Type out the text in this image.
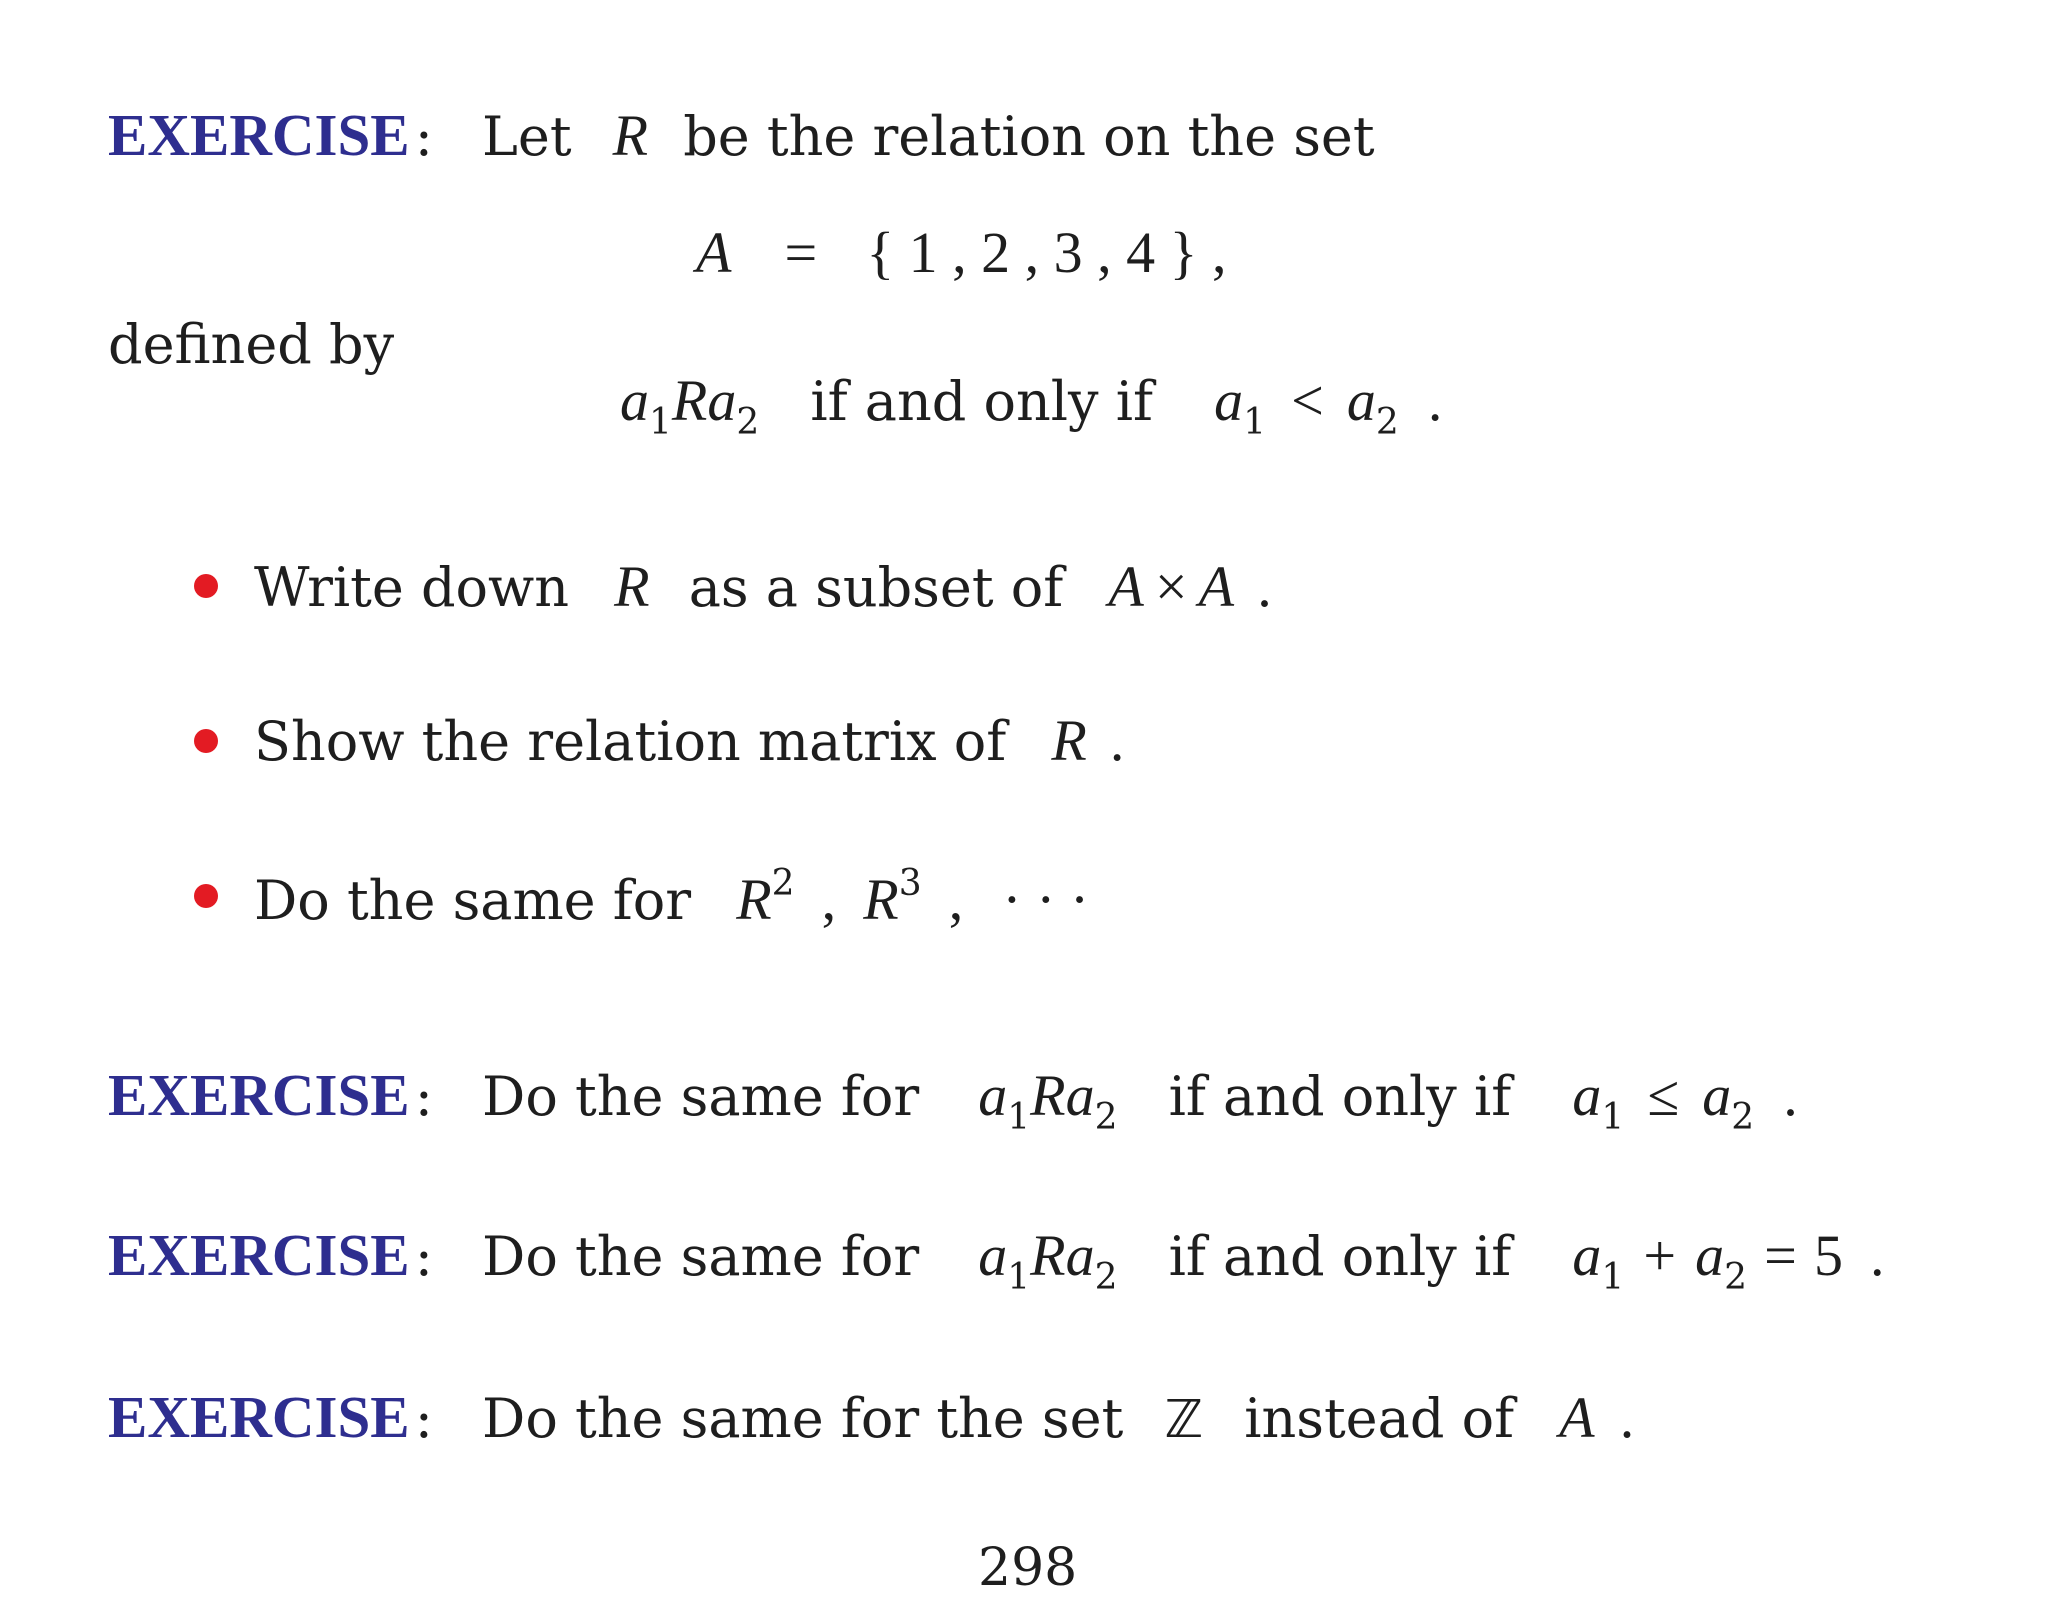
EXERCISE : Let R be the relation on the set
A = { 1 , 2 , 3 , 4 } ,
defined by
a1Ra2 if and only if a1 < a2 .
Write down R as a subset of A × A .
Show the relation matrix of R .
Do the same for R2 , R3 , · · ·
EXERCISE : Do the same for a1Ra2 if and only if a1 ≤ a2 .
EXERCISE : Do the same for a1Ra2 if and only if a1 + a2 = 5 .
EXERCISE : Do the same for the set ℤ instead of A .
298
